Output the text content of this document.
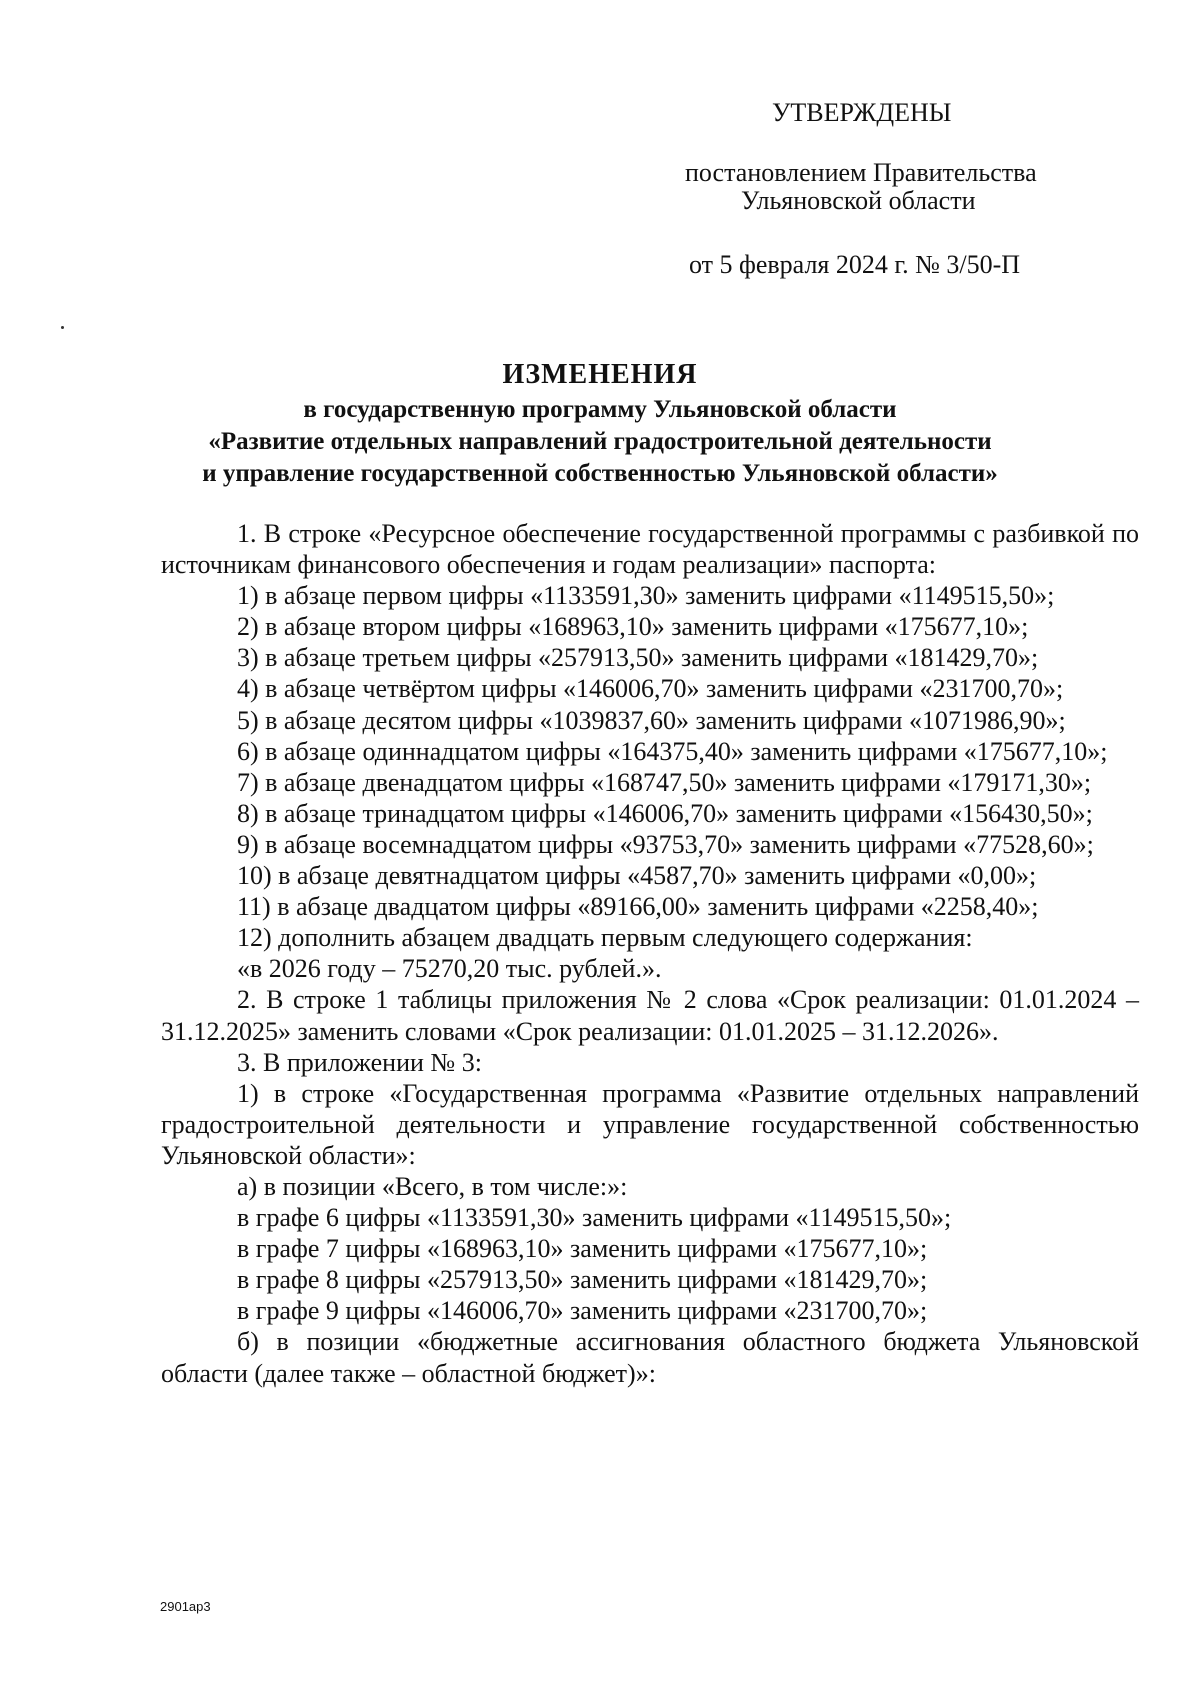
УТВЕРЖДЕНЫ
постановлением Правительства
Ульяновской области
от 5 февраля 2024 г. № 3/50-П
ИЗМЕНЕНИЯ
в государственную программу Ульяновской области
«Развитие отдельных направлений градостроительной деятельности
и управление государственной собственностью Ульяновской области»

1. В строке «Ресурсное обеспечение государственной программы с разбивкой по источникам финансового обеспечения и годам реализации» паспорта:

1) в абзаце первом цифры «1133591,30» заменить цифрами «1149515,50»;

2) в абзаце втором цифры «168963,10» заменить цифрами «175677,10»;

3) в абзаце третьем цифры «257913,50» заменить цифрами «181429,70»;

4) в абзаце четвёртом цифры «146006,70» заменить цифрами «231700,70»;

5) в абзаце десятом цифры «1039837,60» заменить цифрами «1071986,90»;

6) в абзаце одиннадцатом цифры «164375,40» заменить цифрами «175677,10»;

7) в абзаце двенадцатом цифры «168747,50» заменить цифрами «179171,30»;

8) в абзаце тринадцатом цифры «146006,70» заменить цифрами «156430,50»;

9) в абзаце восемнадцатом цифры «93753,70» заменить цифрами «77528,60»;

10) в абзаце девятнадцатом цифры «4587,70» заменить цифрами «0,00»;

11) в абзаце двадцатом цифры «89166,00» заменить цифрами «2258,40»;

12) дополнить абзацем двадцать первым следующего содержания:

«в 2026 году – 75270,20 тыс. рублей.».

2. В строке 1 таблицы приложения № 2 слова «Срок реализации: 01.01.2024 – 31.12.2025» заменить словами «Срок реализации: 01.01.2025 – 31.12.2026».

3. В приложении № 3:

1) в строке «Государственная программа «Развитие отдельных направлений градостроительной деятельности и управление государственной собственностью Ульяновской области»:

а) в позиции «Всего, в том числе:»:

в графе 6 цифры «1133591,30» заменить цифрами «1149515,50»;

в графе 7 цифры «168963,10» заменить цифрами «175677,10»;

в графе 8 цифры «257913,50» заменить цифрами «181429,70»;

в графе 9 цифры «146006,70» заменить цифрами «231700,70»;

б) в позиции «бюджетные ассигнования областного бюджета Ульяновской области (далее также – областной бюджет)»:

2901ар3
